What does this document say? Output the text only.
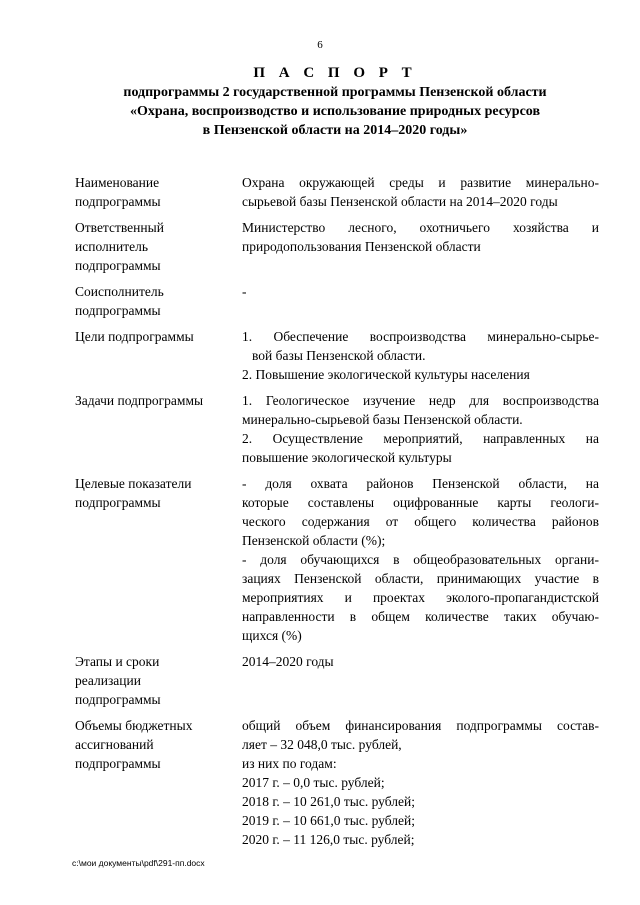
6
П А С П О Р Т
подпрограммы 2 государственной программы Пензенской области
«Охрана, воспроизводство и использование природных ресурсов
в Пензенской области на 2014–2020 годы»
Наименование
подпрограммы
Охрана окружающей среды и развитие минерально-
сырьевой базы Пензенской области на 2014–2020 годы
Ответственный
исполнитель
подпрограммы
Министерство лесного, охотничьего хозяйства и
природопользования Пензенской области
Соисполнитель
подпрограммы
-
Цели подпрограммы	1. Обеспечение воспроизводства минерально-сырье-
вой базы Пензенской области.
2. Повышение экологической культуры населения
Задачи подпрограммы	1. Геологическое изучение недр для воспроизводства
минерально-сырьевой базы Пензенской области.
2. Осуществление мероприятий, направленных на
повышение экологической культуры
Целевые показатели
подпрограммы
- доля охвата районов Пензенской области, на
которые составлены оцифрованные карты геологи-
ческого содержания от общего количества районов
Пензенской области (%);
- доля обучающихся в общеобразовательных органи-
зациях Пензенской области, принимающих участие в
мероприятиях и проектах эколого-пропагандистской
направленности в общем количестве таких обучаю-
щихся (%)
Этапы и сроки
реализации
подпрограммы
2014–2020 годы
Объемы бюджетных
ассигнований
подпрограммы
общий объем финансирования подпрограммы состав-
ляет – 32 048,0 тыс. рублей,
из них по годам:
2017 г. – 0,0 тыс. рублей;
2018 г. – 10 261,0 тыс. рублей;
2019 г. – 10 661,0 тыс. рублей;
2020 г. – 11 126,0 тыс. рублей;
c:\мои документы\pdf\291-пп.docx
